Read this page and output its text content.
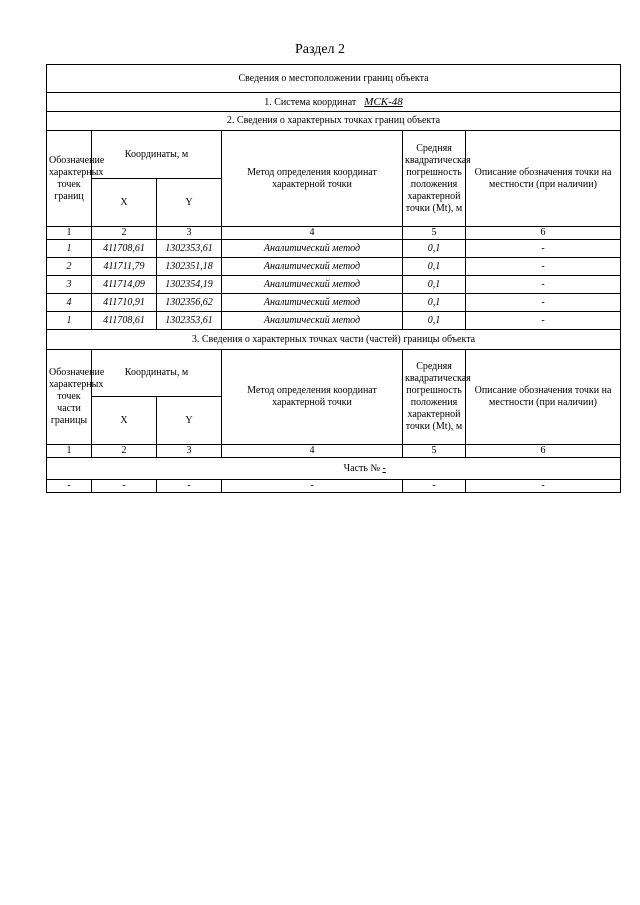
Раздел 2
Сведения о местоположении границ объекта					
1. Система координат МСК-48					
2. Сведения о характерных точках границ объекта					
Обозначение характерных точек границ	Координаты, м		Метод определения координат характерной точки	Средняя квадратическая погрешность положения характерной точки (Mt), м	Описание обозначения точки на местности (при наличии)
	X	Y			
1	2	3	4	5	6
1	411708,61	1302353,61	Аналитический метод	0,1	-
2	411711,79	1302351,18	Аналитический метод	0,1	-
3	411714,09	1302354,19	Аналитический метод	0,1	-
4	411710,91	1302356,62	Аналитический метод	0,1	-
1	411708,61	1302353,61	Аналитический метод	0,1	-
3. Сведения о характерных точках части (частей) границы объекта					
Обозначение характерных точек части границы	Координаты, м		Метод определения координат характерной точки	Средняя квадратическая погрешность положения характерной точки (Mt), м	Описание обозначения точки на местности (при наличии)
	X	Y			
1	2	3	4	5	6
	Часть № -				
-	-	-	-	-	-
